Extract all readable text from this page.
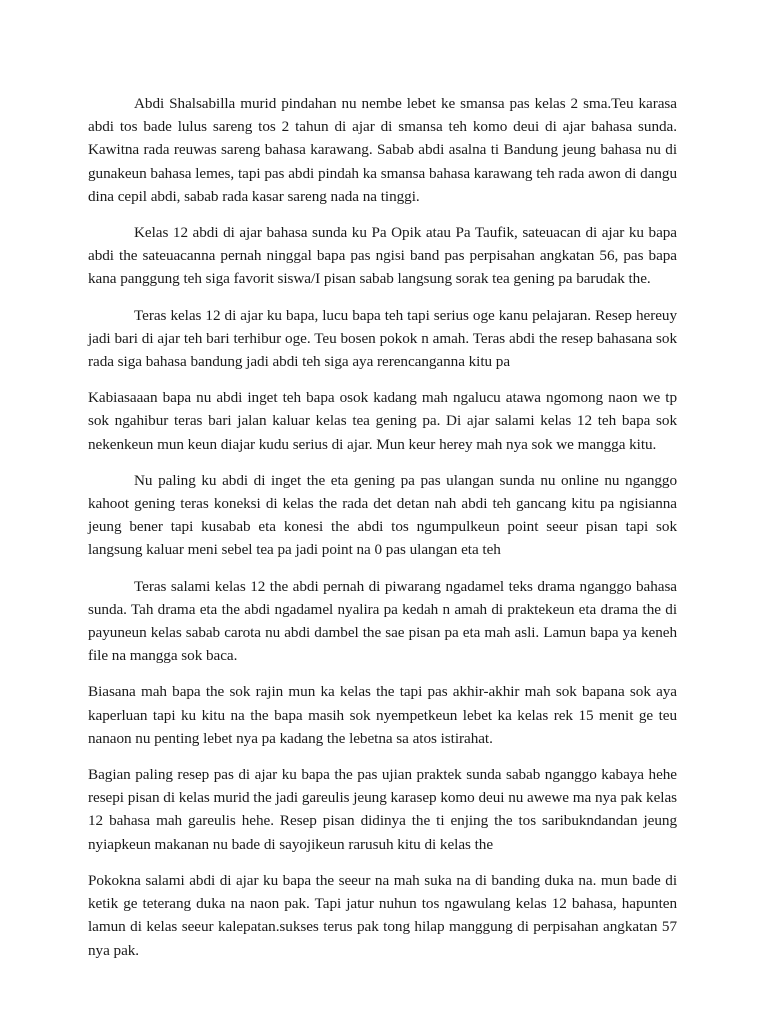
Abdi Shalsabilla murid pindahan nu nembe lebet ke smansa pas kelas 2 sma.Teu karasa abdi tos bade lulus sareng tos 2 tahun di ajar di smansa teh komo deui di ajar bahasa sunda. Kawitna rada reuwas sareng bahasa karawang. Sabab abdi asalna ti Bandung jeung bahasa nu di gunakeun bahasa lemes, tapi pas abdi pindah ka smansa bahasa karawang teh rada awon di dangu dina cepil abdi, sabab rada kasar sareng nada na tinggi.

Kelas 12 abdi di ajar bahasa sunda ku Pa Opik atau Pa Taufik, sateuacan di ajar ku bapa abdi the sateuacanna pernah ninggal bapa pas ngisi band pas perpisahan angkatan 56, pas bapa kana panggung teh siga favorit siswa/I pisan sabab langsung sorak tea gening pa barudak the.

Teras kelas 12 di ajar ku bapa, lucu bapa teh tapi serius oge kanu pelajaran. Resep hereuy jadi bari di ajar teh bari terhibur oge. Teu bosen pokok n amah. Teras abdi the resep bahasana sok rada siga bahasa bandung jadi abdi teh siga aya rerencanganna kitu pa

Kabiasaaan bapa nu abdi inget teh bapa osok kadang mah ngalucu atawa ngomong naon we tp sok ngahibur teras bari jalan kaluar kelas tea gening pa. Di ajar salami kelas 12 teh bapa sok nekenkeun mun keun diajar kudu serius di ajar. Mun keur herey mah nya sok we mangga kitu.

Nu paling ku abdi di inget the eta gening pa pas ulangan sunda nu online nu nganggo kahoot gening teras koneksi di kelas the rada det detan nah abdi teh gancang kitu pa ngisianna jeung bener tapi kusabab eta konesi the abdi tos ngumpulkeun point seeur pisan tapi sok langsung kaluar meni sebel tea pa jadi point na 0 pas ulangan eta teh

Teras salami kelas 12 the abdi pernah di piwarang ngadamel teks drama nganggo bahasa sunda. Tah drama eta the abdi ngadamel nyalira pa kedah n amah di praktekeun eta drama the di payuneun kelas sabab carota nu abdi dambel the sae pisan pa eta mah asli. Lamun bapa ya keneh file na mangga sok baca.

Biasana mah bapa the sok rajin mun ka kelas the tapi pas akhir-akhir mah sok bapana sok aya kaperluan tapi ku kitu na the bapa masih sok nyempetkeun lebet ka kelas rek 15 menit ge teu nanaon nu penting lebet nya pa kadang the lebetna sa atos istirahat.

Bagian paling resep pas di ajar ku bapa the pas ujian praktek sunda sabab nganggo kabaya hehe resepi pisan di kelas murid the jadi gareulis jeung karasep komo deui nu awewe ma nya pak kelas 12 bahasa mah gareulis hehe. Resep pisan didinya the ti enjing the tos saribukndandan jeung nyiapkeun makanan nu bade di sayojikeun rarusuh kitu di kelas the

Pokokna salami abdi di ajar ku bapa the seeur na mah suka na di banding duka na. mun bade di ketik ge teterang duka na naon pak. Tapi jatur nuhun tos ngawulang kelas 12 bahasa, hapunten lamun di kelas seeur kalepatan.sukses terus pak tong hilap manggung di perpisahan angkatan 57 nya pak.
